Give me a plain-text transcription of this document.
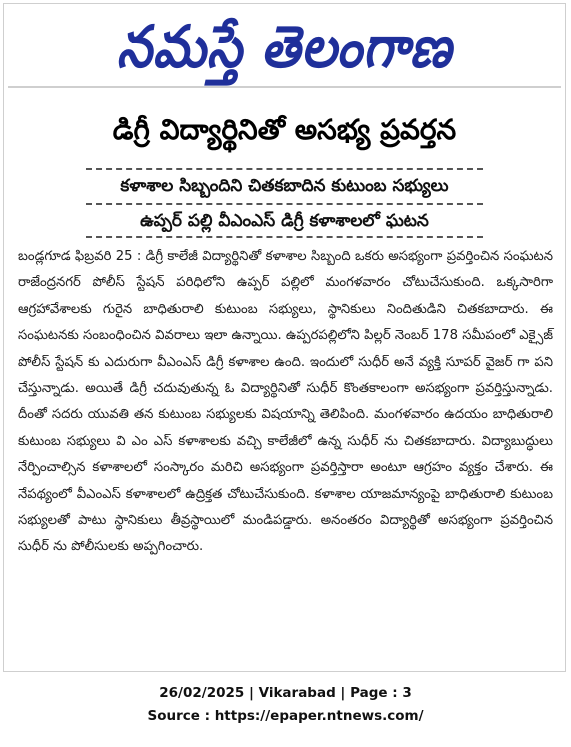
నమస్తే తెలంగాణ
డిగ్రీ విద్యార్థినితో అసభ్య ప్రవర్తన
కళాశాల సిబ్బందిని చితకబాదిన కుటుంబ సభ్యులు
ఉప్పర్ పల్లి వీఎంఎస్ డిగ్రీ కళాశాలలో ఘటన
బండ్లగూడ ఫిబ్రవరి 25 : డిగ్రీ కాలేజీ విద్యార్థినితో కళాశాల సిబ్బంది ఒకరు అసభ్యంగా ప్రవర్తించిన సంఘటన రాజేంద్రనగర్ పోలీస్ స్టేషన్ పరిధిలోని ఉప్పర్ పల్లిలో మంగళవారం చోటుచేసుకుంది. ఒక్కసారిగా ఆగ్రహావేశాలకు గురైన బాధితురాలి కుటుంబ సభ్యులు, స్థానికులు నిందితుడిని చితకబాదారు. ఈ సంఘటనకు సంబంధించిన వివరాలు ఇలా ఉన్నాయి. ఉప్పరపల్లిలోని పిల్లర్ నెంబర్ 178 సమీపంలో ఎక్సైజ్ పోలీస్ స్టేషన్ కు ఎదురుగా వీఎంఎస్ డిగ్రీ కళాశాల ఉంది. ఇందులో సుధీర్ అనే వ్యక్తి సూపర్ వైజర్ గా పని చేస్తున్నాడు. అయితే డిగ్రీ చదువుతున్న ఓ విద్యార్థినితో సుధీర్ కొంతకాలంగా అసభ్యంగా ప్రవర్తిస్తున్నాడు. దీంతో సదరు యువతి తన కుటుంబ సభ్యులకు విషయాన్ని తెలిపింది. మంగళవారం ఉదయం బాధితురాలి కుటుంబ సభ్యులు వి ఎం ఎస్ కళాశాలకు వచ్చి కాలేజీలో ఉన్న సుధీర్ ను చితకబాదారు. విద్యాబుద్ధులు నేర్పించాల్సిన కళాశాలలో సంస్కారం మరిచి అసభ్యంగా ప్రవర్తిస్తారా అంటూ ఆగ్రహం వ్యక్తం చేశారు. ఈ నేపథ్యంలో వీఎంఎస్ కళాశాలలో ఉద్రిక్తత చోటుచేసుకుంది. కళాశాల యాజమాన్యంపై బాధితురాలి కుటుంబ సభ్యులతో పాటు స్థానికులు తీవ్రస్థాయిలో మండిపడ్డారు. అనంతరం విద్యార్థితో అసభ్యంగా ప్రవర్తించిన సుధీర్ ను పోలీసులకు అప్పగించారు.
26/02/2025 | Vikarabad | Page : 3
Source : https://epaper.ntnews.com/
